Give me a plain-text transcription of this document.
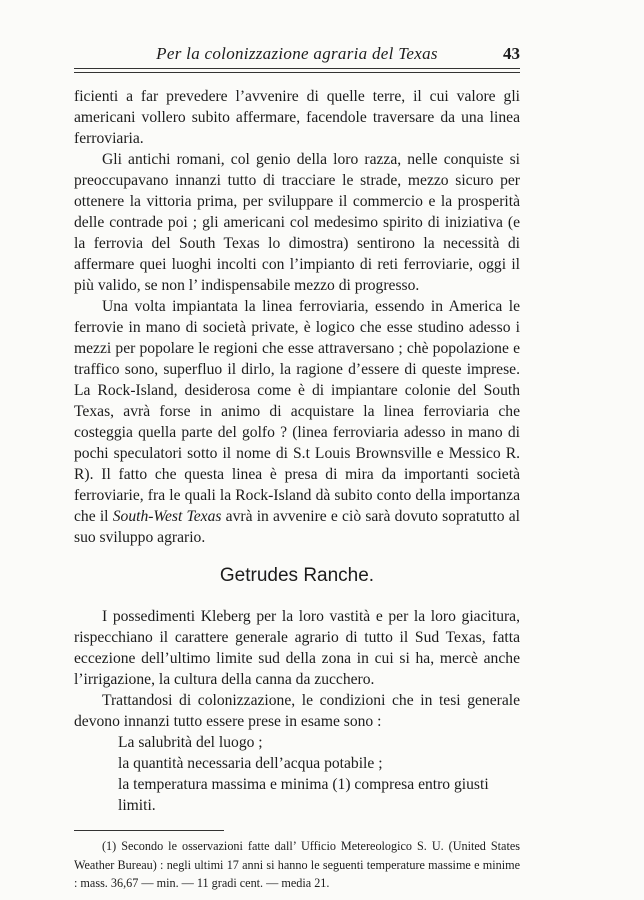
Per la colonizzazione agraria del Texas	43

ficienti a far prevedere l’avvenire di quelle terre, il cui valore gli americani vollero subito affermare, facendole traversare da una linea ferroviaria.

Gli antichi romani, col genio della loro razza, nelle conquiste si preoccupavano innanzi tutto di tracciare le strade, mezzo sicuro per ottenere la vittoria prima, per sviluppare il commercio e la prosperità delle contrade poi ; gli americani col medesimo spirito di iniziativa (e la ferrovia del South Texas lo dimostra) sentirono la necessità di affermare quei luoghi incolti con l’impianto di reti ferroviarie, oggi il più valido, se non l’ indispensabile mezzo di progresso.

Una volta impiantata la linea ferroviaria, essendo in America le ferrovie in mano di società private, è logico che esse studino adesso i mezzi per popolare le regioni che esse attraversano ; chè popolazione e traffico sono, superfluo il dirlo, la ragione d’essere di queste imprese. La Rock-Island, desiderosa come è di impiantare colonie del South Texas, avrà forse in animo di acquistare la linea ferroviaria che costeggia quella parte del golfo ? (linea ferroviaria adesso in mano di pochi speculatori sotto il nome di S.t Louis Brownsville e Messico R. R). Il fatto che questa linea è presa di mira da importanti società ferroviarie, fra le quali la Rock-Island dà subito conto della importanza che il South-West Texas avrà in avvenire e ciò sarà dovuto sopratutto al suo sviluppo agrario.

Getrudes Ranche.

I possedimenti Kleberg per la loro vastità e per la loro giacitura, rispecchiano il carattere generale agrario di tutto il Sud Texas, fatta eccezione dell’ultimo limite sud della zona in cui si ha, mercè anche l’irrigazione, la cultura della canna da zucchero.

Trattandosi di colonizzazione, le condizioni che in tesi generale devono innanzi tutto essere prese in esame sono :

La salubrità del luogo ;

la quantità necessaria dell’acqua potabile ;

la temperatura massima e minima (1) compresa entro giusti limiti.

(1) Secondo le osservazioni fatte dall’ Ufficio Metereologico S. U. (United States Weather Bureau) : negli ultimi 17 anni si hanno le seguenti temperature massime e minime : mass. 36,67 — min. — 11 gradi cent. — media 21.
